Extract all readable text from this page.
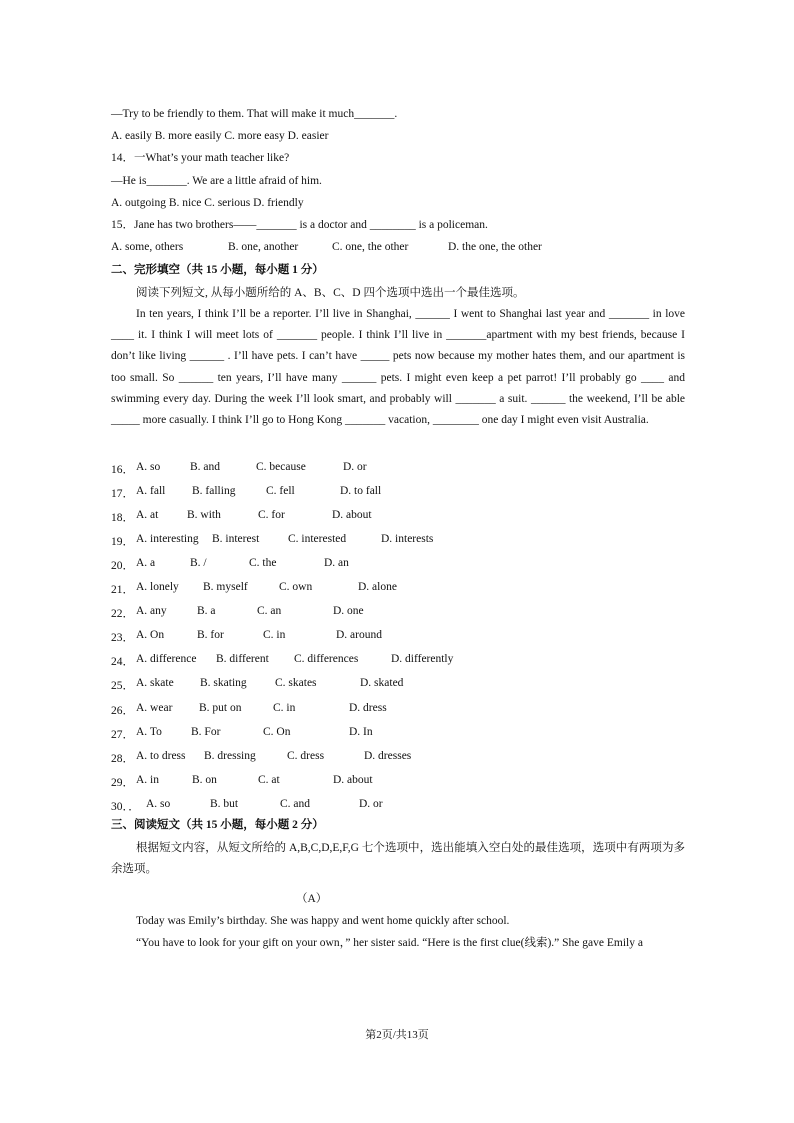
—Try to be friendly to them. That will make it much_______.
A. easily B. more easily C. more easy D. easier
14．一What’s your math teacher like?
—He is_______. We are a little afraid of him.
A. outgoing B. nice C. serious D. friendly
15．Jane has two brothers——_______ is a doctor and ________ is a policeman.
A. some, others	B. one, another	C. one, the other	D. the one, the other
二、完形填空（共 15 小题，每小题 1 分）
阅读下列短文, 从每小题所给的 A、B、C、D 四个选项中选出一个最佳选项。
In ten years, I think I’ll be a reporter. I’ll live in Shanghai, ______ I went to Shanghai last year and _______ in love ____ it. I think I will meet lots of _______ people. I think I’ll live in _______apartment with my best friends, because I don’t like living ______ . I’ll have pets. I can’t have _____ pets now because my mother hates them, and our apartment is too small. So ______ ten years, I’ll have many ______ pets. I might even keep a pet parrot! I’ll probably go ____ and swimming every day. During the week I’ll look smart, and probably will _______ a suit. ______ the weekend, I’ll be able _____ more casually. I think I’ll go to Hong Kong _______ vacation, ________ one day I might even visit Australia.
16． A. so	B. and	C. because	D. or
17． A. fall B. falling	C. fell	D. to fall
18． A. at B. with	C. for	D. about
19． A. interesting B. interest C. interested	D. interests
20． A. a	B. /	C. the	D. an
21． A. lonely B. myself	C. own	D. alone
22． A. any	B. a	C. an	D. one
23． A. On	B. for	C. in	D. around
24． A. difference B. different C. differences	D. differently
25． A. skate B. skating C. skates	D. skated
26． A. wear B. put on	C. in	D. dress
27． A. To	B. For	C. On	D. In
28． A. to dress B. dressing	C. dress	D. dresses
29． A. in	B. on	C. at	D. about
30．． A. so	B. but	C. and	D. or
三、阅读短文（共 15 小题，每小题 2 分）
根据短文内容，从短文所给的 A,B,C,D,E,F,G 七个选项中，选出能填入空白处的最佳选项，选项中有两项为多余选项。
（A）
Today was Emily’s birthday. She was happy and went home quickly after school.
“You have to look for your gift on your own，” her sister said. “Here is the first clue(线索).” She gave Emily a
第2页/共13页
